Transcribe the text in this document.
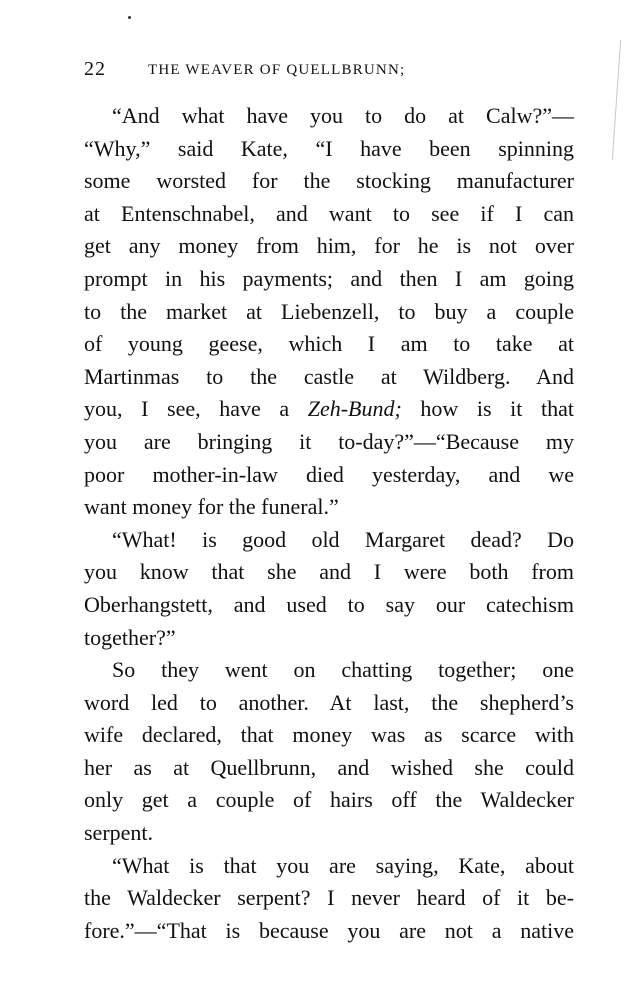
22	THE WEAVER OF QUELLBRUNN;
“And what have you to do at Calw?”—
“Why,” said Kate, “I have been spinning
some worsted for the stocking manufacturer
at Entenschnabel, and want to see if I can
get any money from him, for he is not over
prompt in his payments; and then I am going
to the market at Liebenzell, to buy a couple
of young geese, which I am to take at
Martinmas to the castle at Wildberg. And
you, I see, have a Zeh-Bund; how is it that
you are bringing it to-day?”—“Because my
poor mother-in-law died yesterday, and we
want money for the funeral.”
“What! is good old Margaret dead? Do
you know that she and I were both from
Oberhangstett, and used to say our catechism
together?”
So they went on chatting together; one
word led to another. At last, the shepherd’s
wife declared, that money was as scarce with
her as at Quellbrunn, and wished she could
only get a couple of hairs off the Waldecker
serpent.
“What is that you are saying, Kate, about
the Waldecker serpent? I never heard of it be-
fore.”—“That is because you are not a native
